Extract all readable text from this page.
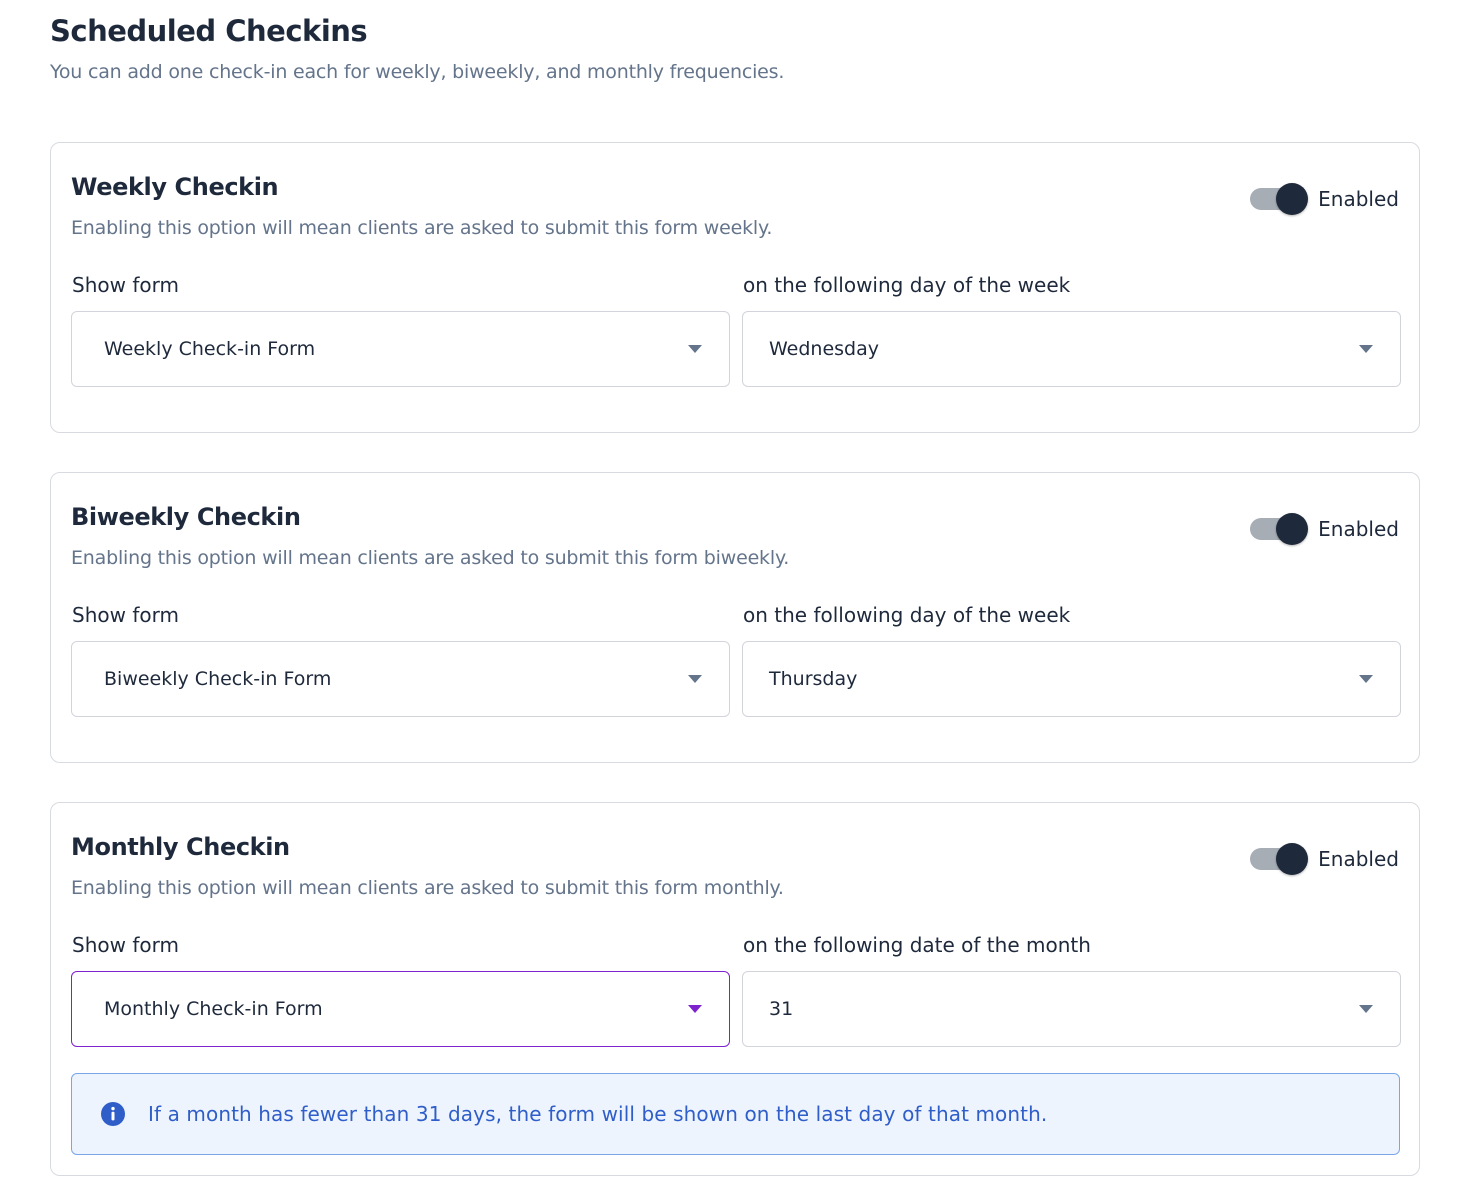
Scheduled Checkins

You can add one check-in each for weekly, biweekly, and monthly frequencies.

Weekly Checkin

Enabling this option will mean clients are asked to submit this form weekly.

Enabled
Show form	on the following day of the week
Weekly Check-in Form	Wednesday
Biweekly Checkin

Enabling this option will mean clients are asked to submit this form biweekly.

Enabled
Show form	on the following day of the week
Biweekly Check-in Form	Thursday
Monthly Checkin

Enabling this option will mean clients are asked to submit this form monthly.

Enabled
Show form	on the following date of the month
Monthly Check-in Form	31
If a month has fewer than 31 days, the form will be shown on the last day of that month.
